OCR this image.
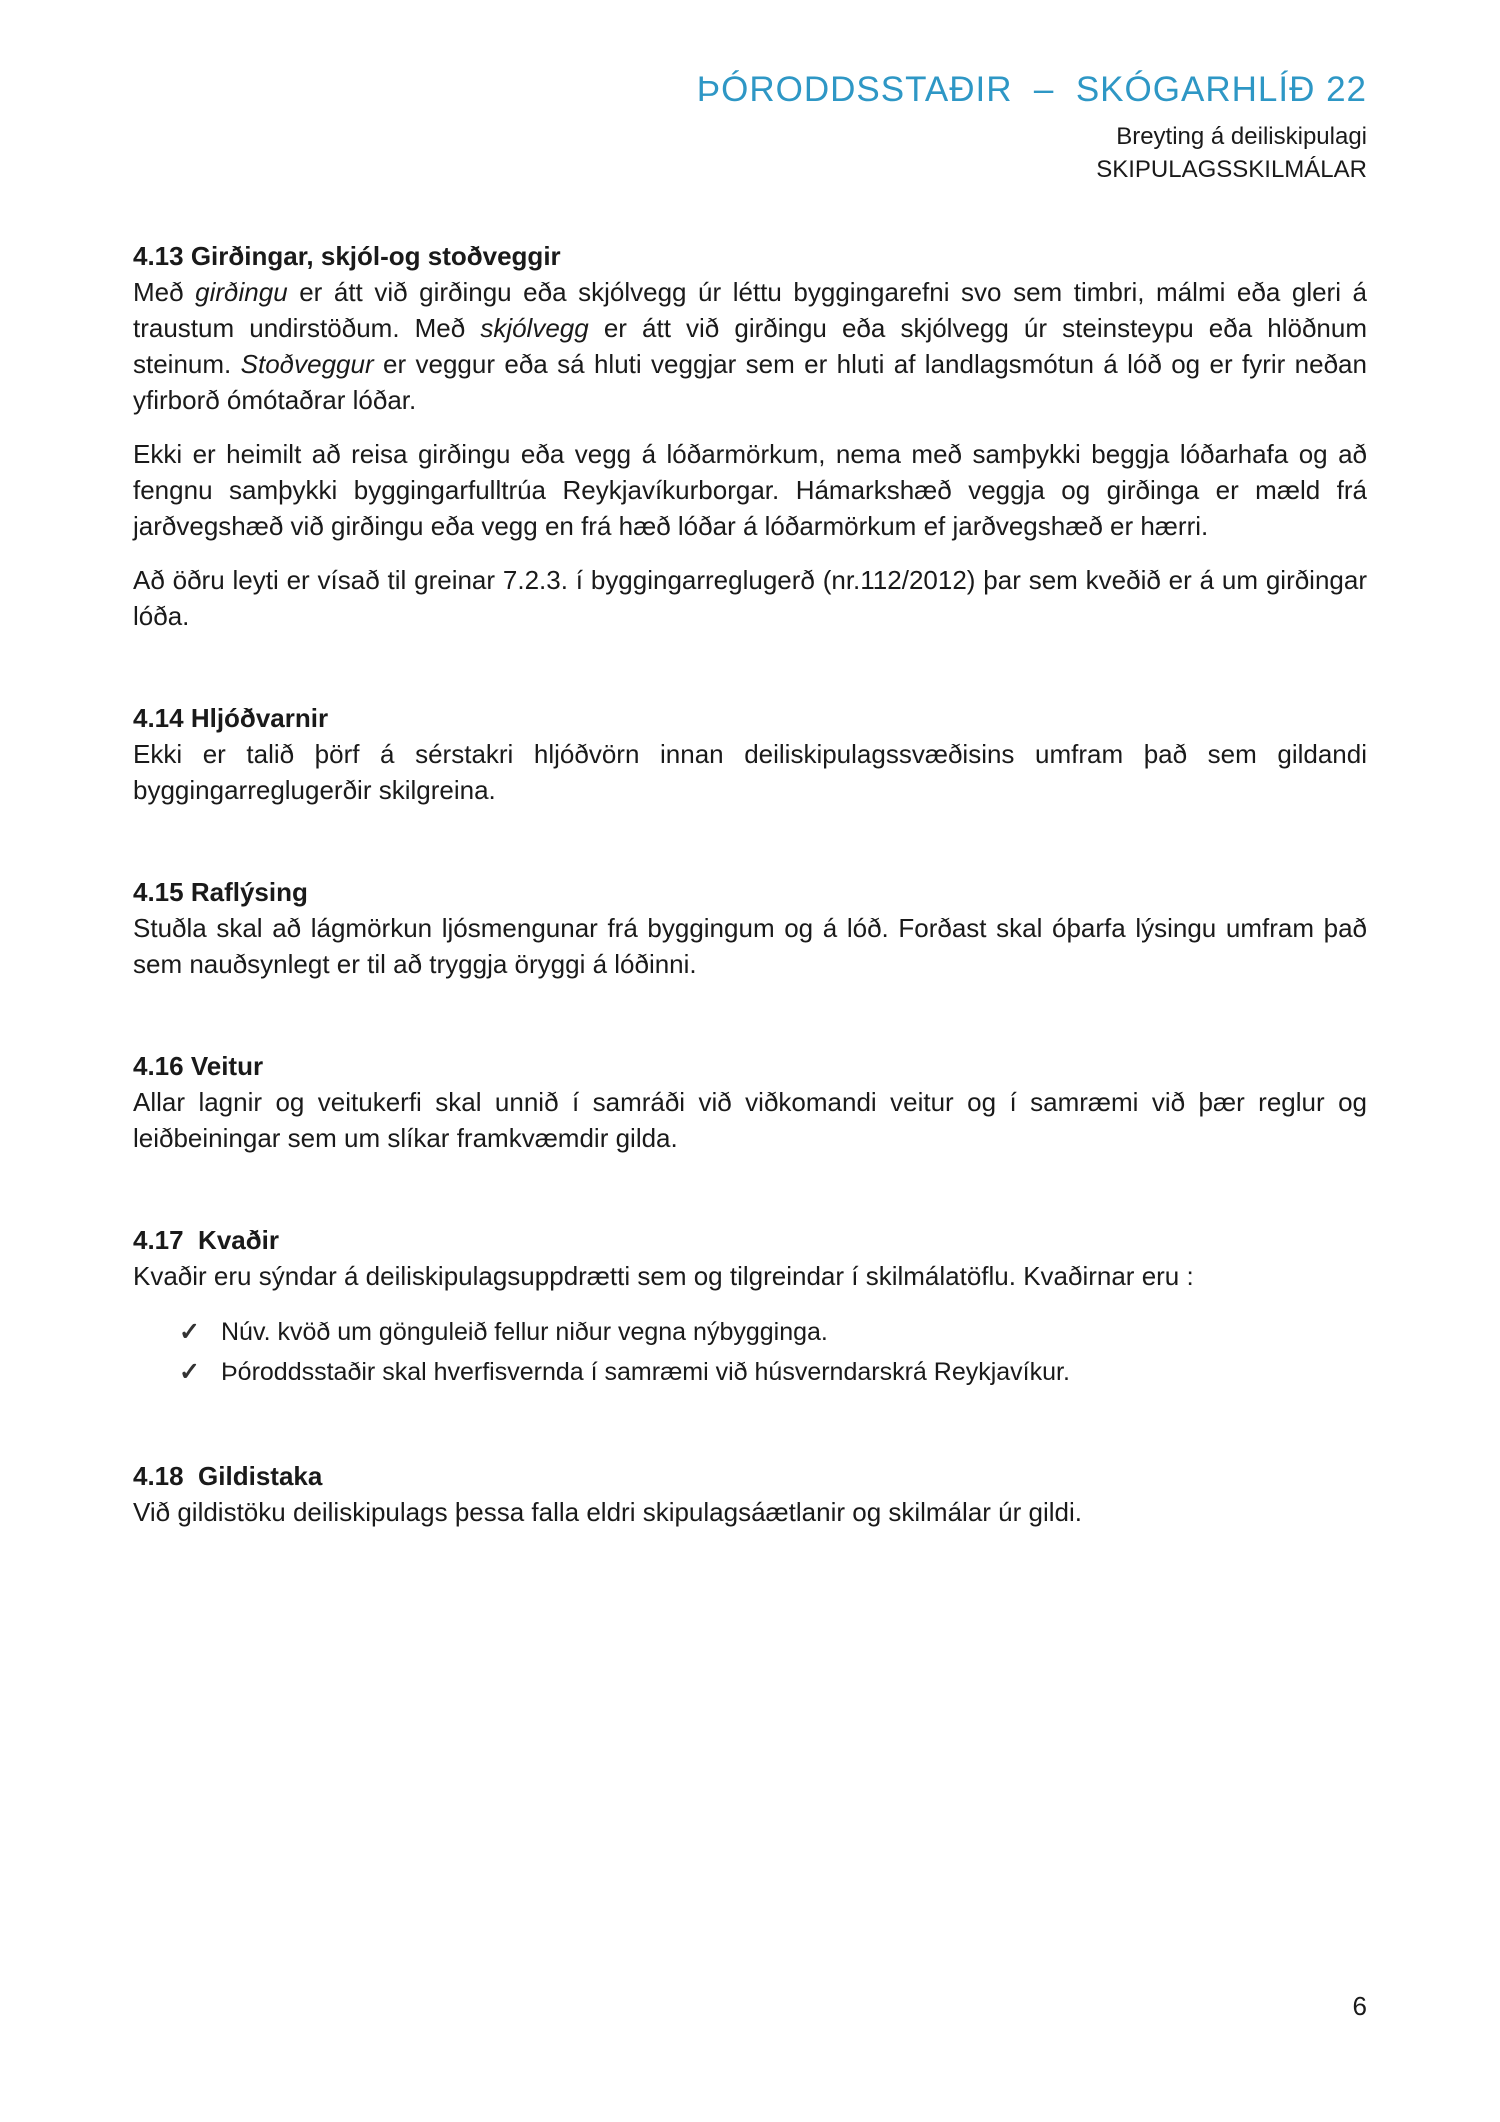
ÞÓRODDSSTAÐIR  –  SKÓGARHLÍÐ 22
Breyting á deiliskipulagi
SKIPULAGSSKILMÁLAR
4.13 Girðingar, skjól-og stoðveggir

Með girðingu er átt við girðingu eða skjólvegg úr léttu byggingarefni svo sem timbri, málmi eða gleri á traustum undirstöðum. Með skjólvegg er átt við girðingu eða skjólvegg úr steinsteypu eða hlöðnum steinum. Stoðveggur er veggur eða sá hluti veggjar sem er hluti af landlagsmótun á lóð og er fyrir neðan yfirborð ómótaðrar lóðar.

Ekki er heimilt að reisa girðingu eða vegg á lóðarmörkum, nema með samþykki beggja lóðarhafa og að fengnu samþykki byggingarfulltrúa Reykjavíkurborgar. Hámarkshæð veggja og girðinga er mæld frá jarðvegshæð við girðingu eða vegg en frá hæð lóðar á lóðarmörkum ef jarðvegshæð er hærri.

Að öðru leyti er vísað til greinar 7.2.3. í byggingarreglugerð (nr.112/2012) þar sem kveðið er á um girðingar lóða.

4.14 Hljóðvarnir

Ekki er talið þörf á sérstakri hljóðvörn innan deiliskipulagssvæðisins umfram það sem gildandi byggingarreglugerðir skilgreina.

4.15 Raflýsing

Stuðla skal að lágmörkun ljósmengunar frá byggingum og á lóð. Forðast skal óþarfa lýsingu umfram það sem nauðsynlegt er til að tryggja öryggi á lóðinni.

4.16 Veitur

Allar lagnir og veitukerfi skal unnið í samráði við viðkomandi veitur og í samræmi við þær reglur og leiðbeiningar sem um slíkar framkvæmdir gilda.

4.17  Kvaðir

Kvaðir eru sýndar á deiliskipulagsuppdrætti sem og tilgreindar í skilmálatöflu. Kvaðirnar eru :

✓ Núv. kvöð um gönguleið fellur niður vegna nýbygginga.
✓ Þóroddsstaðir skal hverfisvernda í samræmi við húsverndarskrá Reykjavíkur.
4.18  Gildistaka

Við gildistöku deiliskipulags þessa falla eldri skipulagsáætlanir og skilmálar úr gildi.

6
